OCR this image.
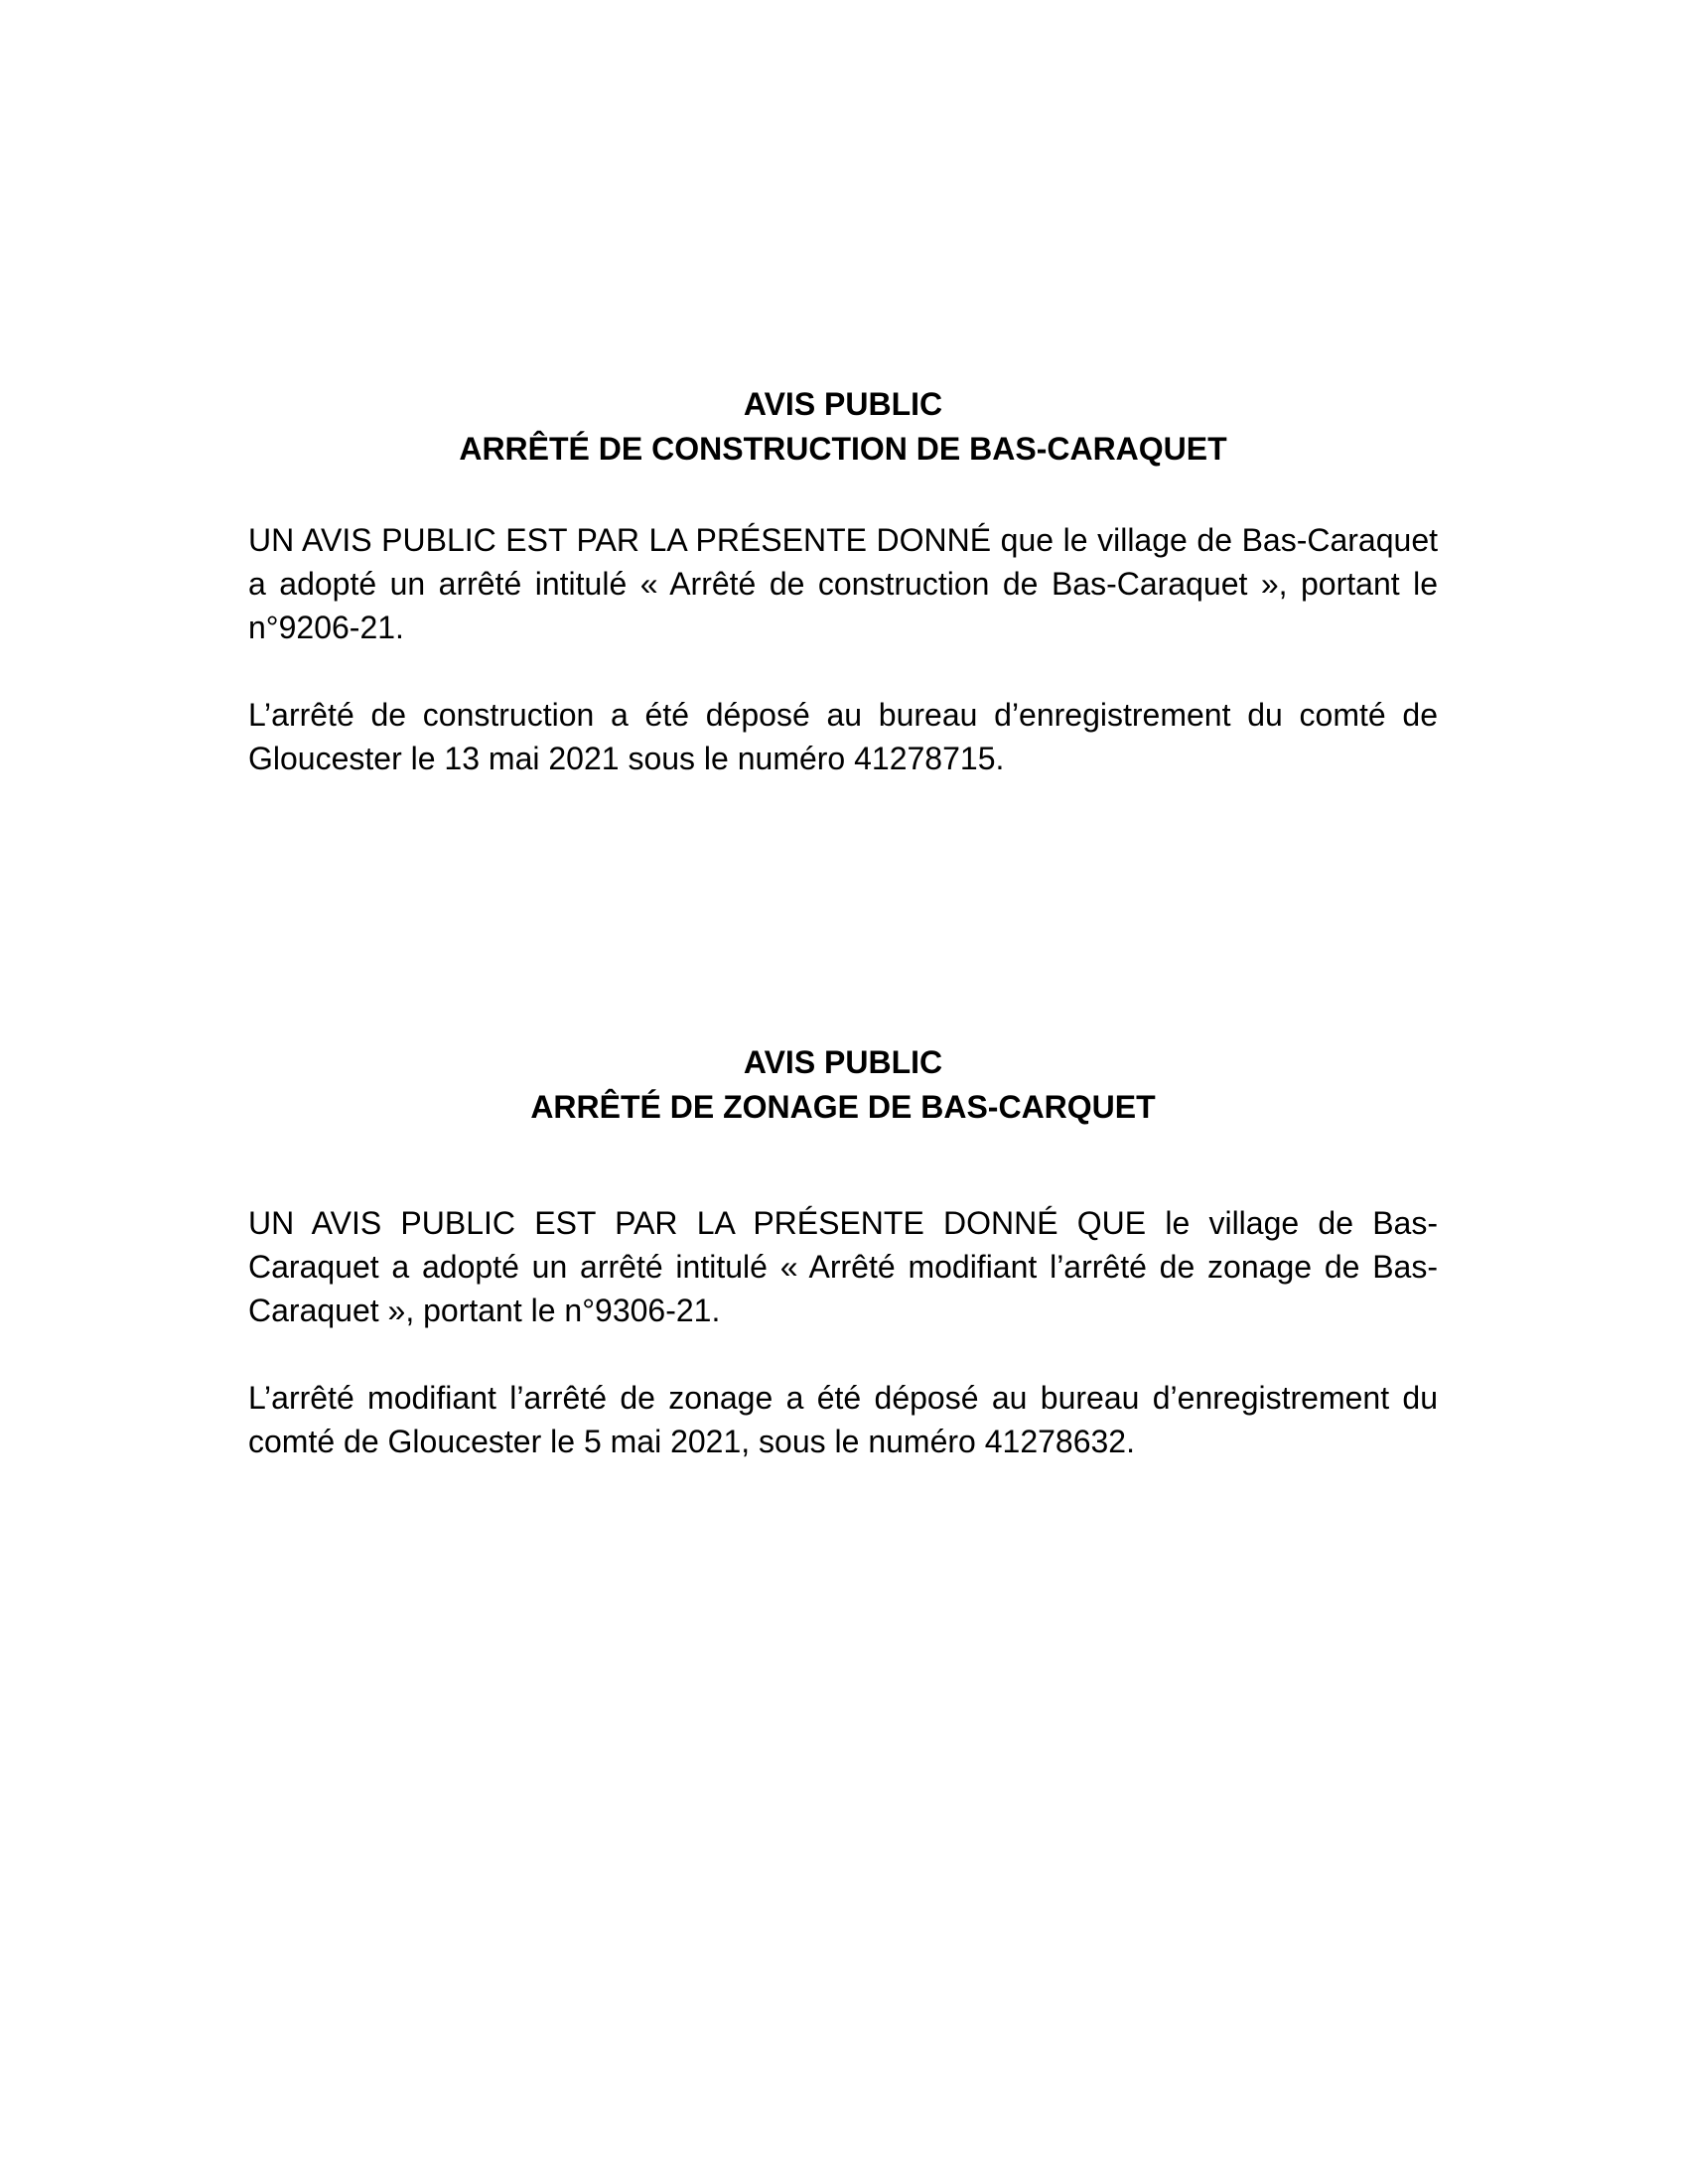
AVIS PUBLIC
ARRÊTÉ DE CONSTRUCTION DE BAS-CARAQUET

UN AVIS PUBLIC EST PAR LA PRÉSENTE DONNÉ que le village de Bas-Caraquet a adopté un arrêté intitulé « Arrêté de construction de Bas-Caraquet », portant le n°9206-21.

L’arrêté de construction a été déposé au bureau d’enregistrement du comté de Gloucester le 13 mai 2021 sous le numéro 41278715.

AVIS PUBLIC
ARRÊTÉ DE ZONAGE DE BAS-CARQUET

UN AVIS PUBLIC EST PAR LA PRÉSENTE DONNÉ QUE le village de Bas-Caraquet a adopté un arrêté intitulé « Arrêté modifiant l’arrêté de zonage de Bas-Caraquet », portant le n°9306-21.

L’arrêté modifiant l’arrêté de zonage a été déposé au bureau d’enregistrement du comté de Gloucester le 5 mai 2021, sous le numéro 41278632.
